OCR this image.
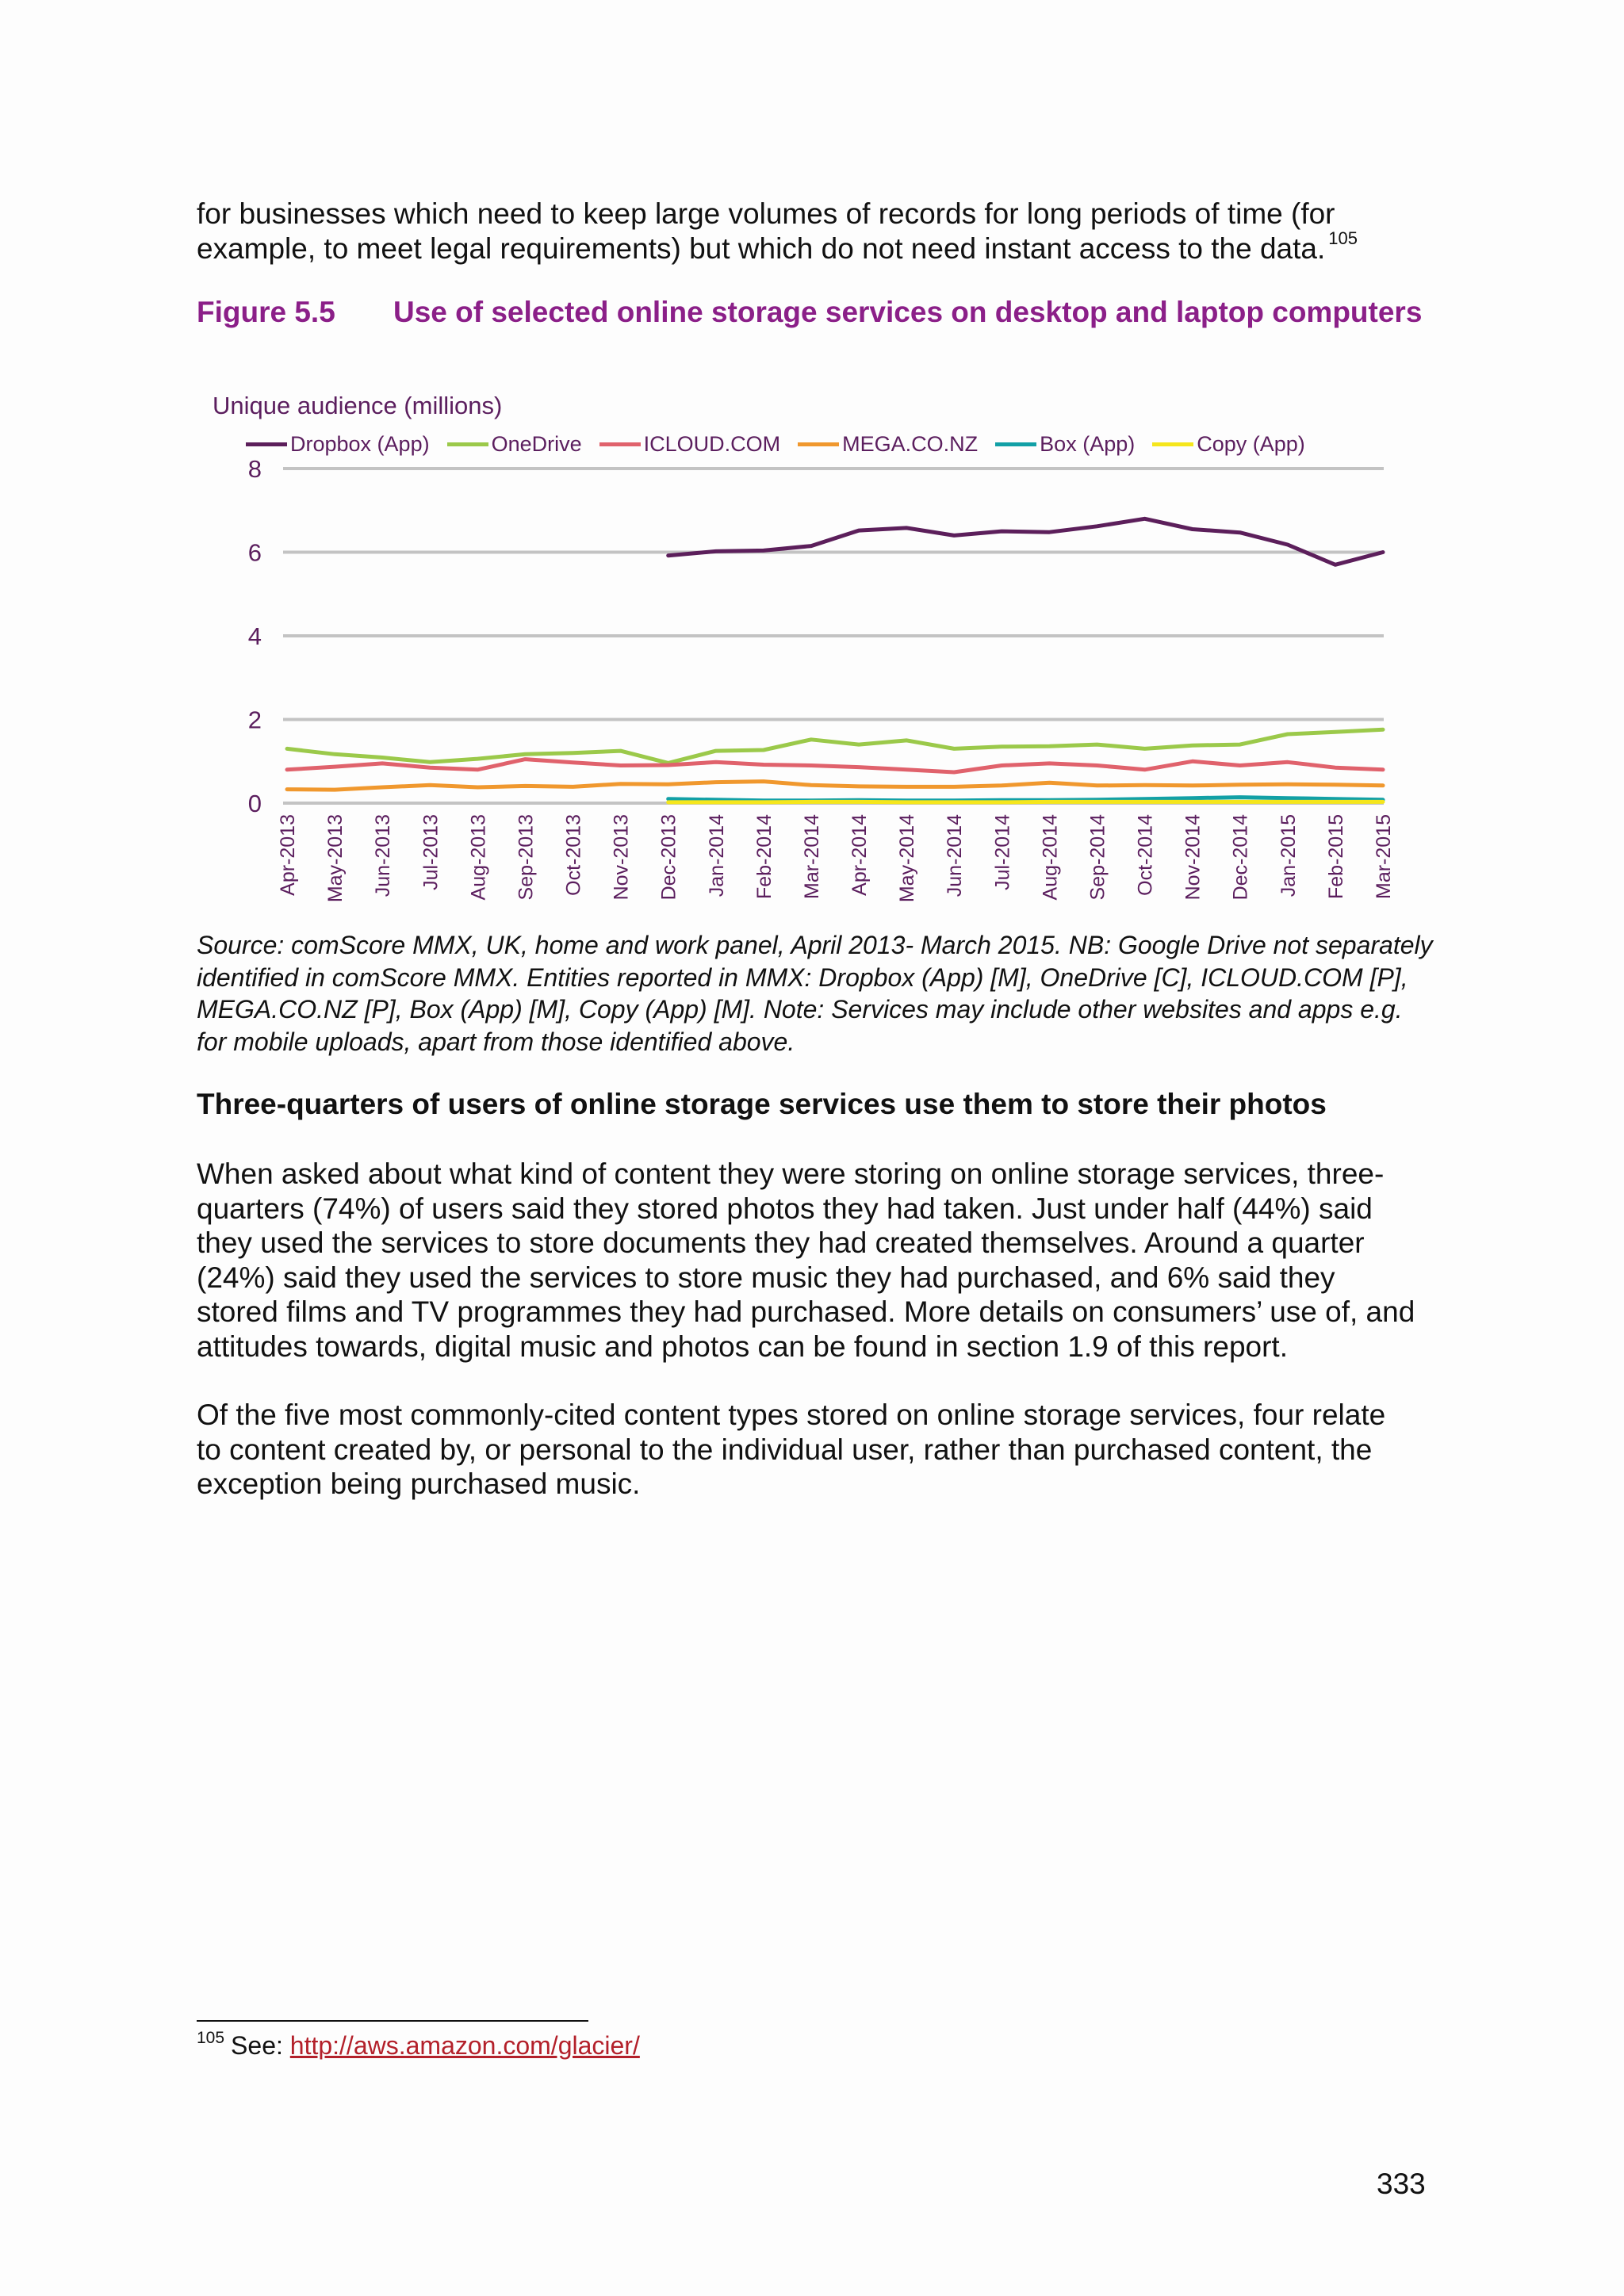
for businesses which need to keep large volumes of records for long periods of time (for example, to meet legal requirements) but which do not need instant access to the data. $^{105}$

Figure 5.5 Use of selected online storage services on desktop and laptop computers
Unique audience (millions)
Dropbox (App)	OneDrive	ICLOUD.COM	MEGA.CO.NZ	Box (App)	Copy (App)
0
2
4
6
8
Apr-2013 May-2013 Jun-2013 Jul-2013 Aug-2013 Sep-2013 Oct-2013 Nov-2013 Dec-2013 Jan-2014 Feb-2014 Mar-2014 Apr-2014 May-2014 Jun-2014 Jul-2014 Aug-2014 Sep-2014 Oct-2014 Nov-2014 Dec-2014 Jan-2015 Feb-2015 Mar-2015

Source: comScore MMX, UK, home and work panel, April 2013- March 2015. NB: Google Drive not separately identified in comScore MMX. Entities reported in MMX: Dropbox (App) [M], OneDrive [C], ICLOUD.COM [P], MEGA.CO.NZ [P], Box (App) [M], Copy (App) [M]. Note: Services may include other websites and apps e.g. for mobile uploads, apart from those identified above.

Three-quarters of users of online storage services use them to store their photos

When asked about what kind of content they were storing on online storage services, three-quarters (74%) of users said they stored photos they had taken. Just under half (44%) said they used the services to store documents they had created themselves. Around a quarter (24%) said they used the services to store music they had purchased, and 6% said they stored films and TV programmes they had purchased. More details on consumers’ use of, and attitudes towards, digital music and photos can be found in section 1.9 of this report.

Of the five most commonly-cited content types stored on online storage services, four relate to content created by, or personal to the individual user, rather than purchased content, the exception being purchased music.

$^{105}$ See: http://aws.amazon.com/glacier/
333
